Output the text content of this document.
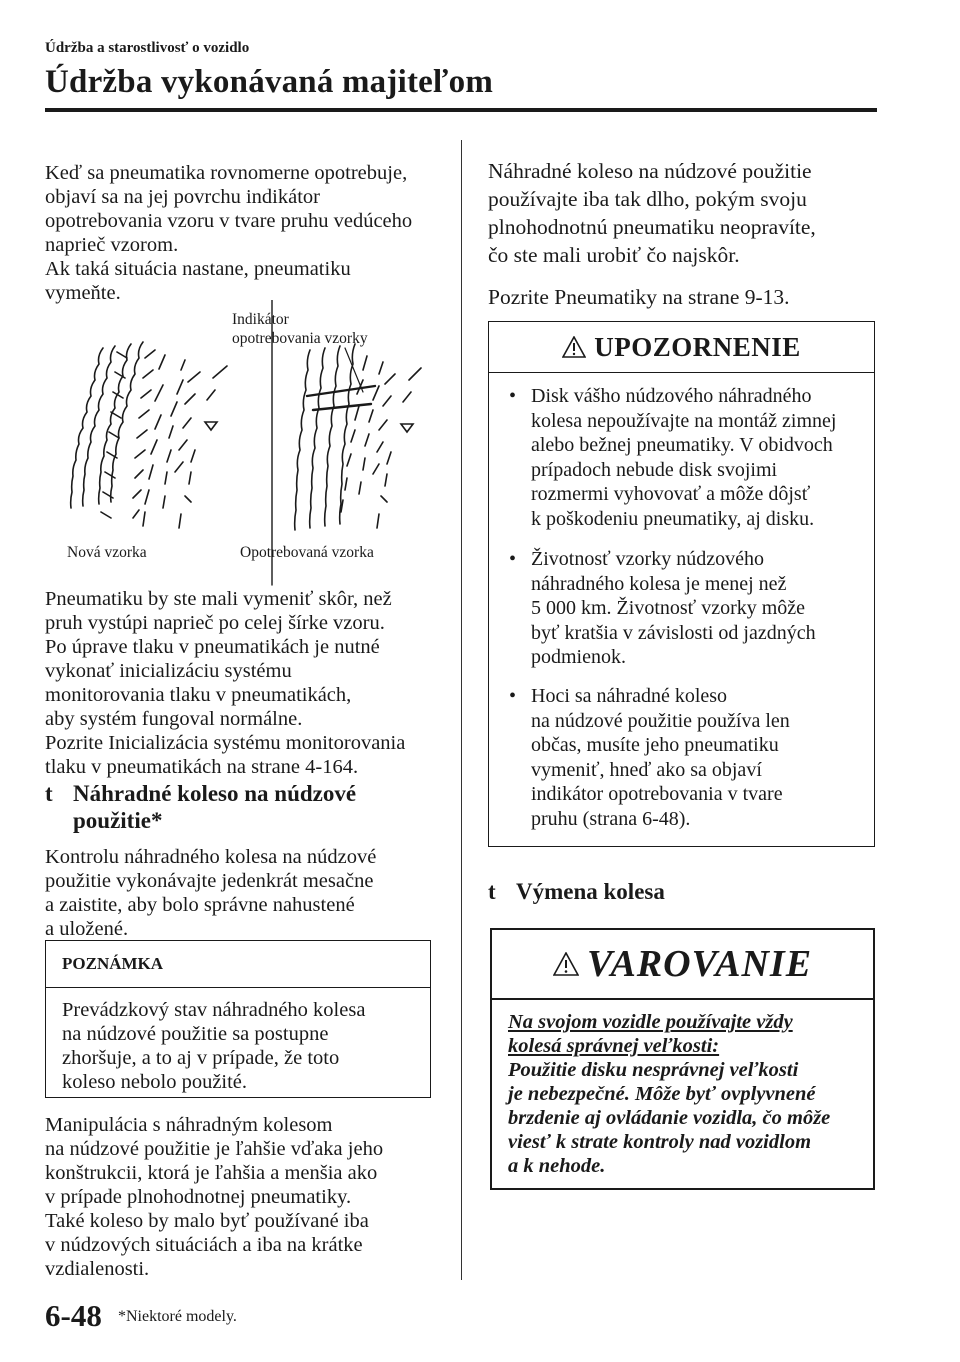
Údržba a starostlivosť o vozidlo
Údržba vykonávaná majiteľom
Keď sa pneumatika rovnomerne opotrebuje,
objaví sa na jej povrchu indikátor
opotrebovania vzoru v tvare pruhu vedúceho
naprieč vzorom.
Ak taká situácia nastane, pneumatiku
vymeňte.
Indikátor
opotrebovania vzorky
Nová vzorka	Opotrebovaná vzorka
Pneumatiku by ste mali vymeniť skôr, než
pruh vystúpi naprieč po celej šírke vzoru.
Po úprave tlaku v pneumatikách je nutné
vykonať inicializáciu systému
monitorovania tlaku v pneumatikách,
aby systém fungoval normálne.
Pozrite Inicializácia systému monitorovania
tlaku v pneumatikách na strane 4-164.
t Náhradné koleso na núdzové
použitie*
Kontrolu náhradného kolesa na núdzové
použitie vykonávajte jedenkrát mesačne
a zaistite, aby bolo správne nahustené
a uložené.
POZNÁMKA
Prevádzkový stav náhradného kolesa
na núdzové použitie sa postupne
zhoršuje, a to aj v prípade, že toto
koleso nebolo použité.
Manipulácia s náhradným kolesom
na núdzové použitie je ľahšie vďaka jeho
konštrukcii, ktorá je ľahšia a menšia ako
v prípade plnohodnotnej pneumatiky.
Také koleso by malo byť používané iba
v núdzových situáciách a iba na krátke
vzdialenosti.
Náhradné koleso na núdzové použitie
používajte iba tak dlho, pokým svoju
plnohodnotnú pneumatiku neopravíte,
čo ste mali urobiť čo najskôr.
Pozrite Pneumatiky na strane 9-13.
UPOZORNENIE
• Disk vášho núdzového náhradného
kolesa nepoužívajte na montáž zimnej
alebo bežnej pneumatiky. V obidvoch
prípadoch nebude disk svojimi
rozmermi vyhovovať a môže dôjsť
k poškodeniu pneumatiky, aj disku.
• Životnosť vzorky núdzového
náhradného kolesa je menej než
5 000 km. Životnosť vzorky môže
byť kratšia v závislosti od jazdných
podmienok.
• Hoci sa náhradné koleso
na núdzové použitie používa len
občas, musíte jeho pneumatiku
vymeniť, hneď ako sa objaví
indikátor opotrebovania v tvare
pruhu (strana 6-48).
t Výmena kolesa
VAROVANIE
Na svojom vozidle používajte vždy
kolesá správnej veľkosti:
Použitie disku nesprávnej veľkosti
je nebezpečné. Môže byť ovplyvnené
brzdenie aj ovládanie vozidla, čo môže
viesť k strate kontroly nad vozidlom
a k nehode.
6-48 *Niektoré modely.
